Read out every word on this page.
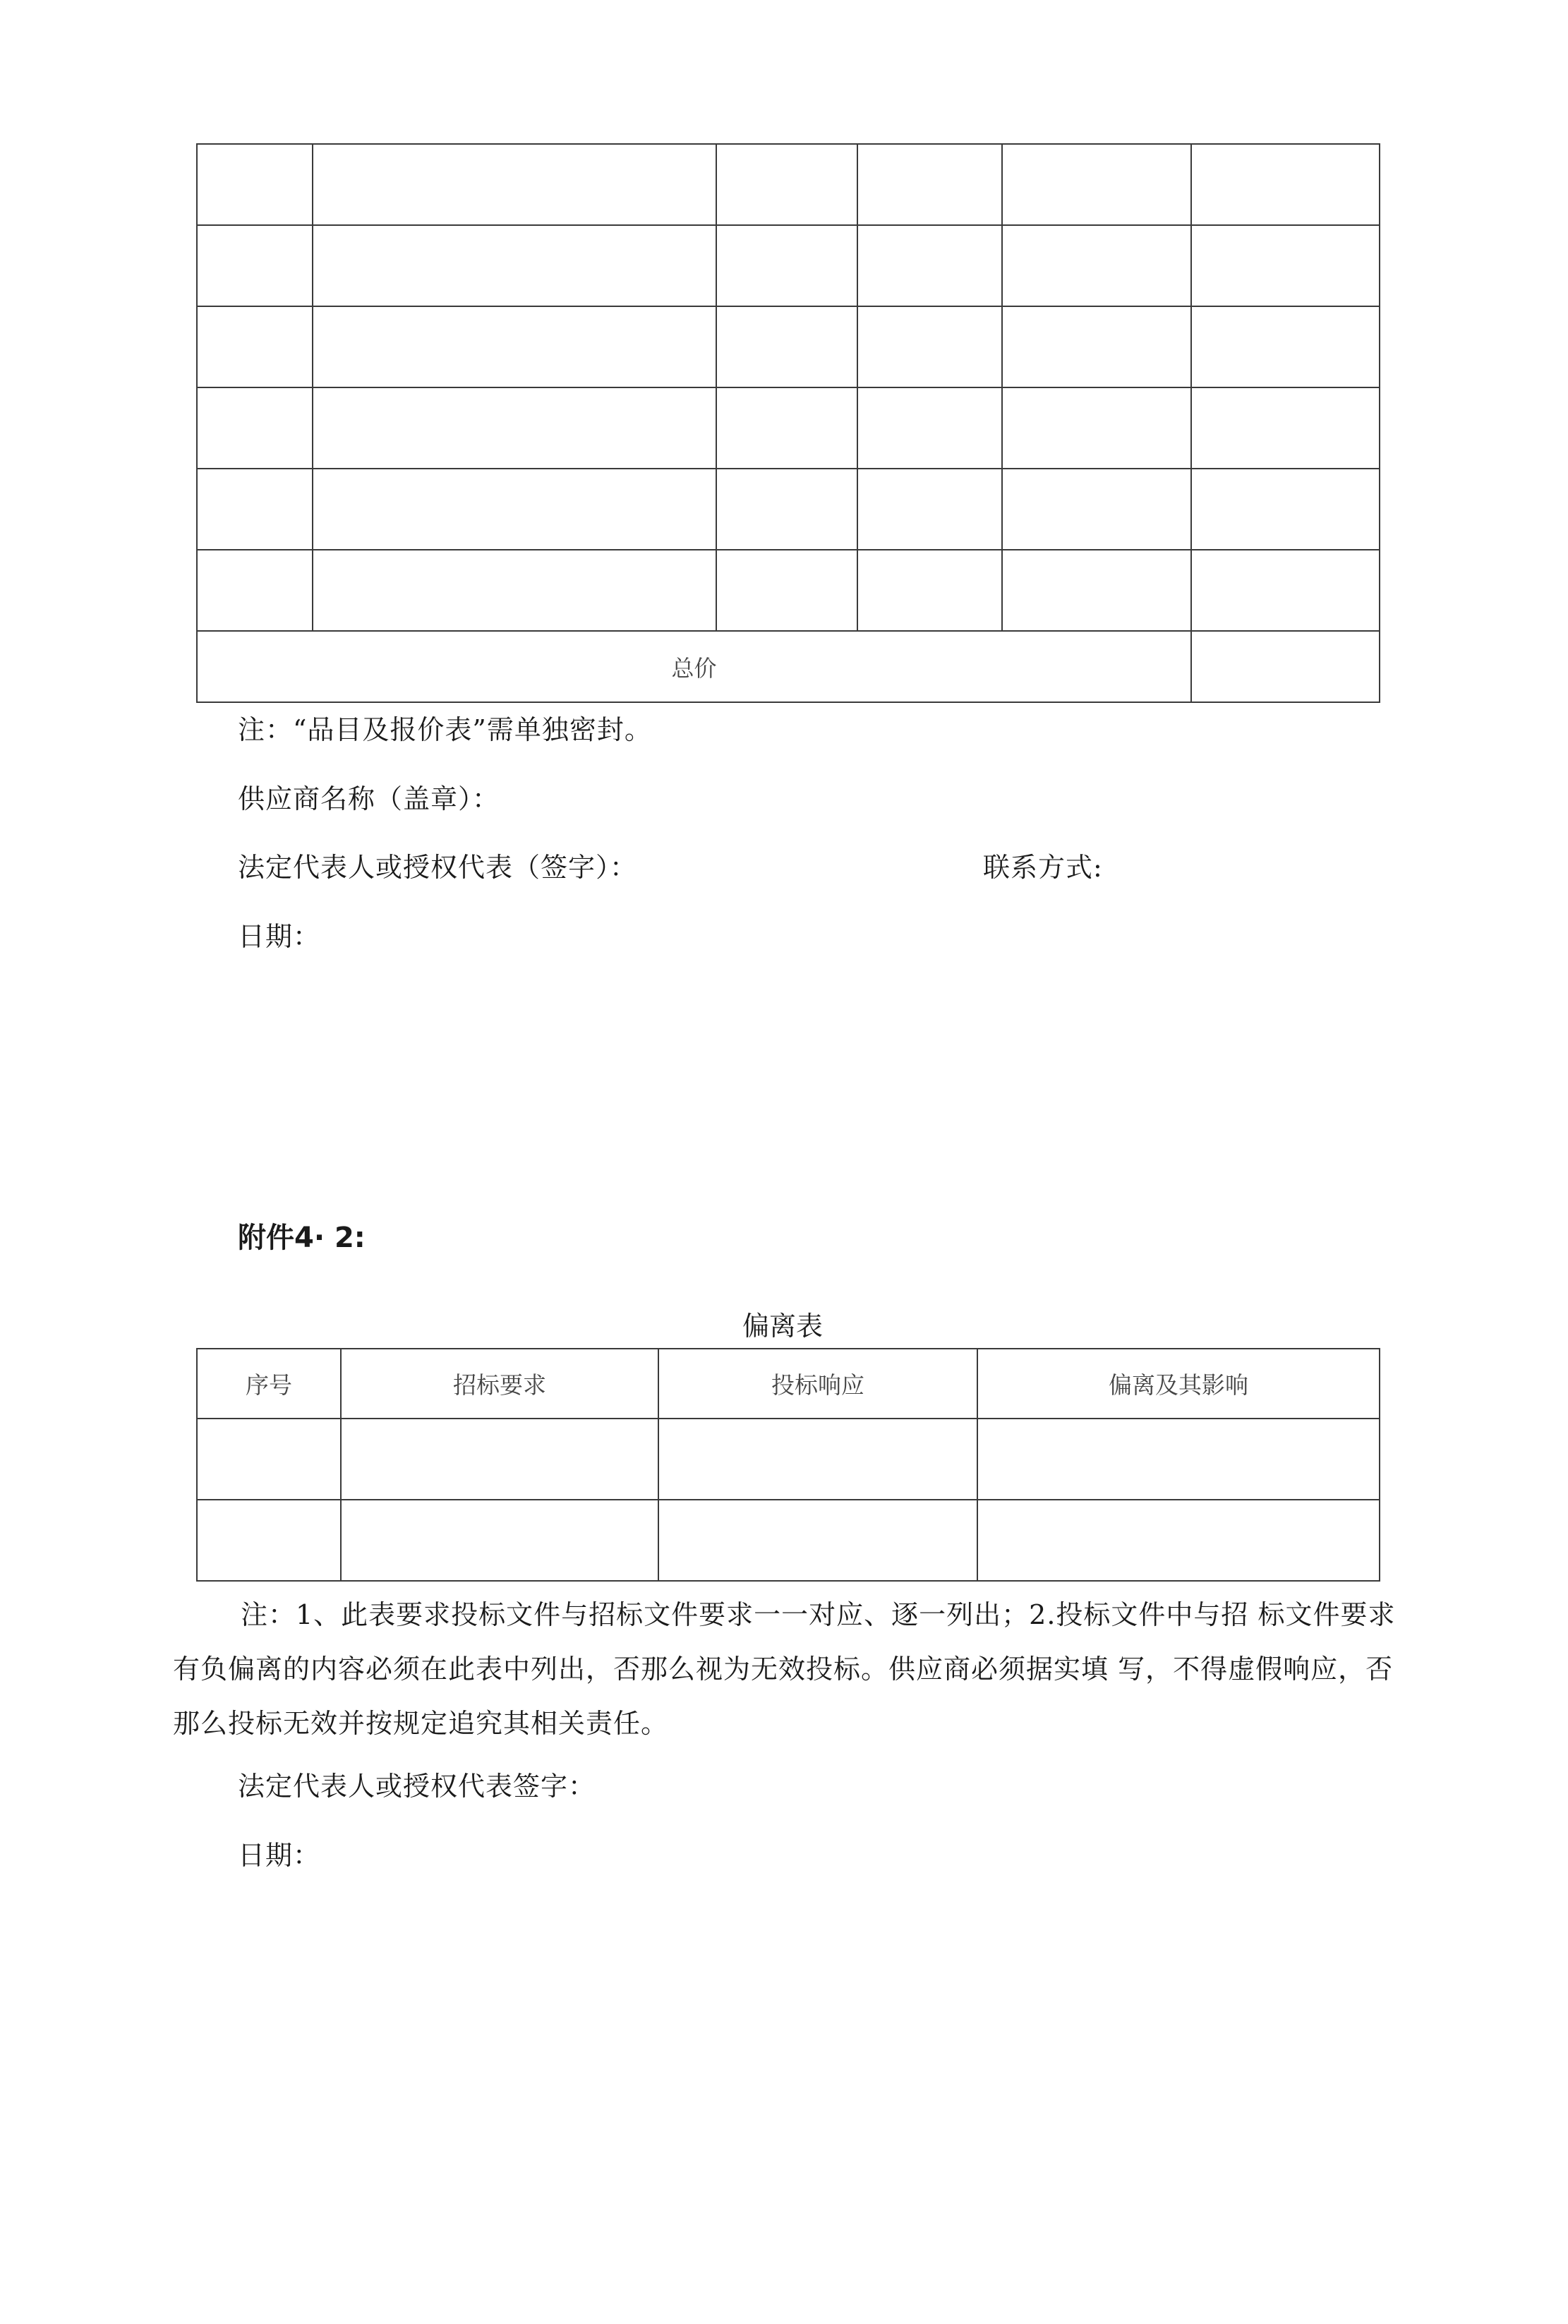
总价					
注：“品目及报价表”需单独密封。
供应商名称（盖章）：
法定代表人或授权代表（签字）：	联系方式:
日期：
附件4· 2:
偏离表
序号	招标要求	投标响应	偏离及其影响

注：1、此表要求投标文件与招标文件要求一一对应、逐一列出；2.投标文件中与招 标文件要求有负偏离的内容必须在此表中列出，否那么视为无效投标。供应商必须据实填 写，不得虚假响应，否那么投标无效并按规定追究其相关责任。
法定代表人或授权代表签字：
日期：
